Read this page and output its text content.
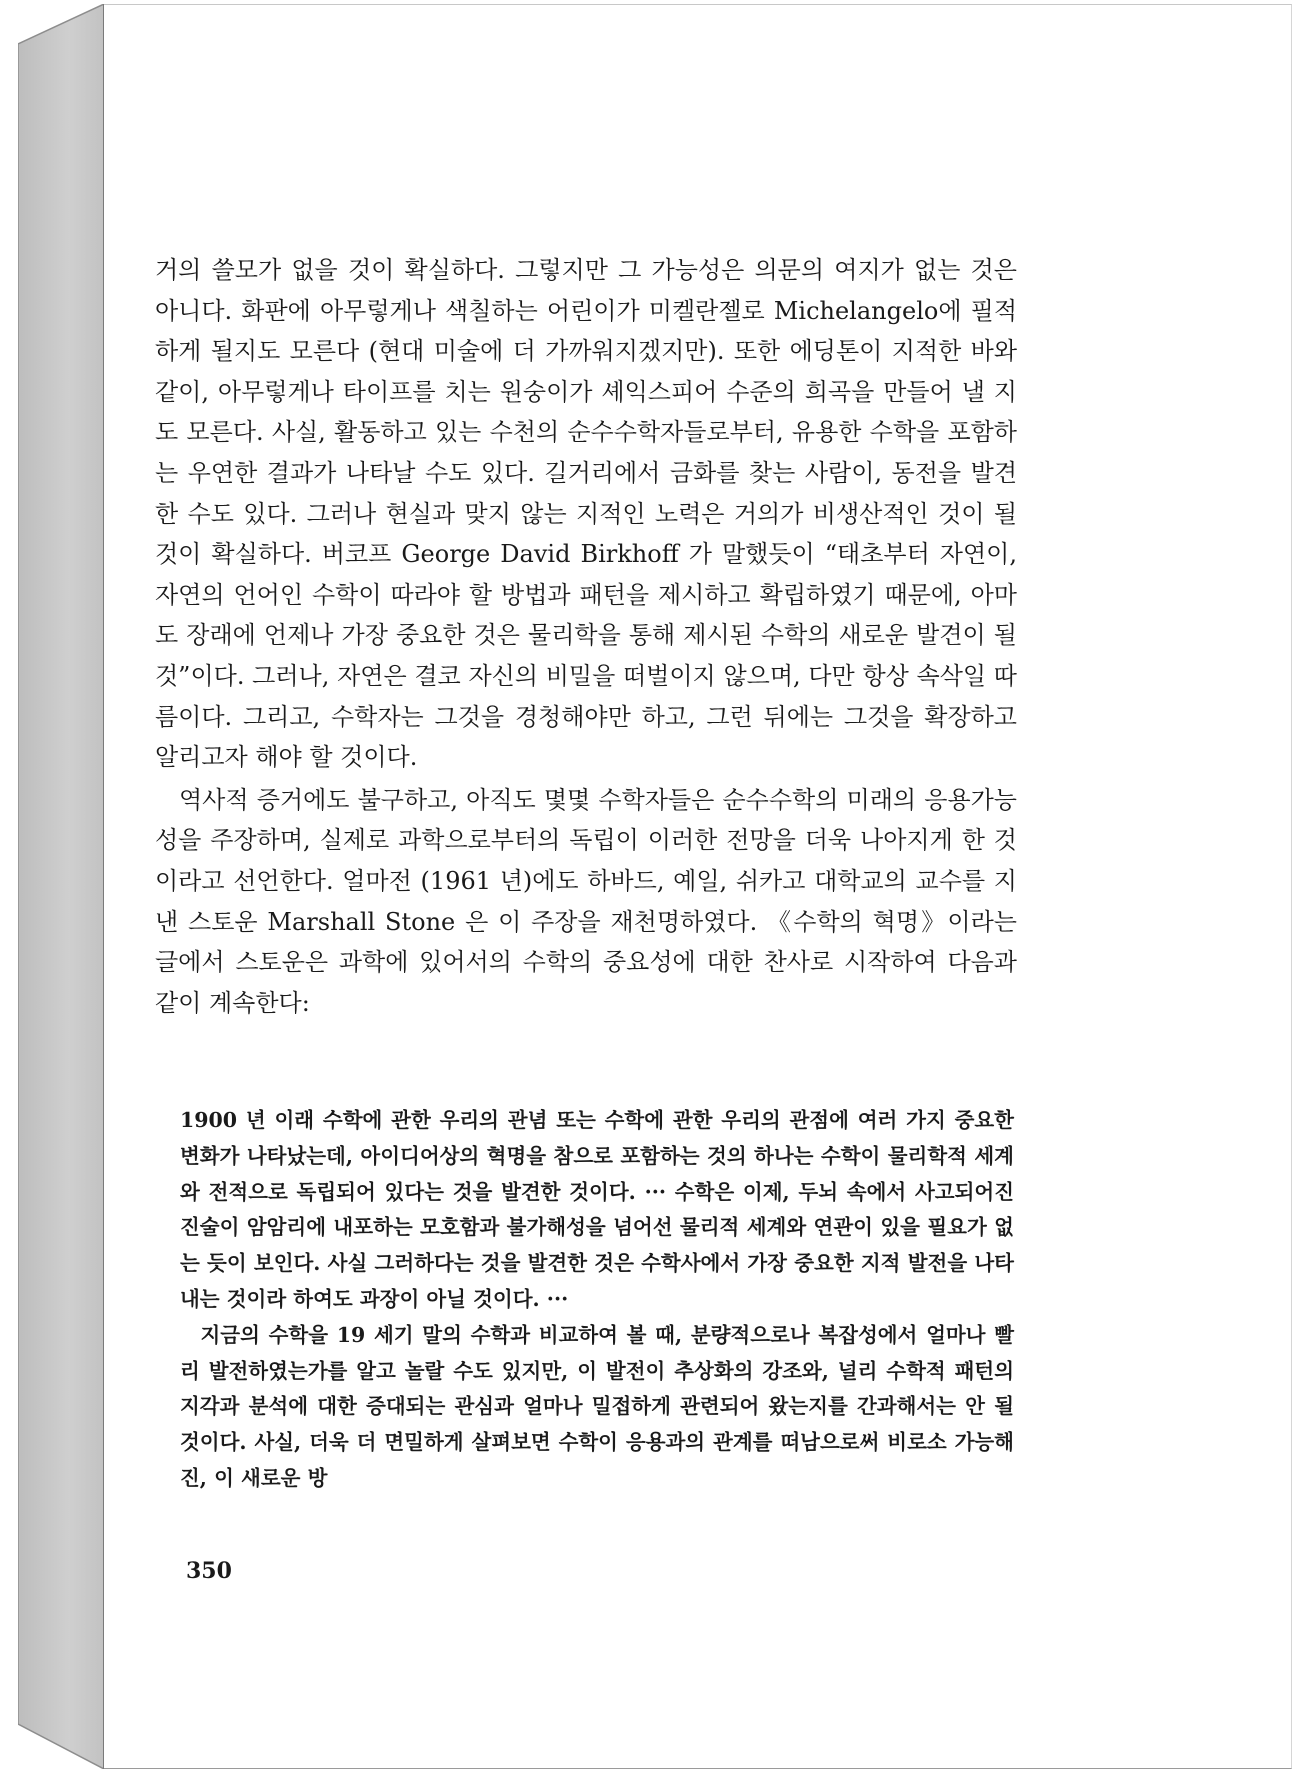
거의 쓸모가 없을 것이 확실하다. 그렇지만 그 가능성은 의문의 여지가 없는 것은 아니다. 화판에 아무렇게나 색칠하는 어린이가 미켈란젤로 Michelangelo에 필적하게 될지도 모른다 (현대 미술에 더 가까워지겠지만). 또한 에딩톤이 지적한 바와 같이, 아무렇게나 타이프를 치는 원숭이가 셰익스피어 수준의 희곡을 만들어 낼 지도 모른다. 사실, 활동하고 있는 수천의 순수수학자들로부터, 유용한 수학을 포함하는 우연한 결과가 나타날 수도 있다. 길거리에서 금화를 찾는 사람이, 동전을 발견한 수도 있다. 그러나 현실과 맞지 않는 지적인 노력은 거의가 비생산적인 것이 될 것이 확실하다. 버코프 George David Birkhoff 가 말했듯이 “태초부터 자연이, 자연의 언어인 수학이 따라야 할 방법과 패턴을 제시하고 확립하였기 때문에, 아마도 장래에 언제나 가장 중요한 것은 물리학을 통해 제시된 수학의 새로운 발견이 될 것”이다. 그러나, 자연은 결코 자신의 비밀을 떠벌이지 않으며, 다만 항상 속삭일 따름이다. 그리고, 수학자는 그것을 경청해야만 하고, 그런 뒤에는 그것을 확장하고 알리고자 해야 할 것이다.

역사적 증거에도 불구하고, 아직도 몇몇 수학자들은 순수수학의 미래의 응용가능성을 주장하며, 실제로 과학으로부터의 독립이 이러한 전망을 더욱 나아지게 한 것이라고 선언한다. 얼마전 (1961 년)에도 하바드, 예일, 쉬카고 대학교의 교수를 지낸 스토운 Marshall Stone 은 이 주장을 재천명하였다. 《수학의 혁명》이라는 글에서 스토운은 과학에 있어서의 수학의 중요성에 대한 찬사로 시작하여 다음과 같이 계속한다:

1900 년 이래 수학에 관한 우리의 관념 또는 수학에 관한 우리의 관점에 여러 가지 중요한 변화가 나타났는데, 아이디어상의 혁명을 참으로 포함하는 것의 하나는 수학이 물리학적 세계와 전적으로 독립되어 있다는 것을 발견한 것이다. ··· 수학은 이제, 두뇌 속에서 사고되어진 진술이 암암리에 내포하는 모호함과 불가해성을 넘어선 물리적 세계와 연관이 있을 필요가 없는 듯이 보인다. 사실 그러하다는 것을 발견한 것은 수학사에서 가장 중요한 지적 발전을 나타내는 것이라 하여도 과장이 아닐 것이다. ···

지금의 수학을 19 세기 말의 수학과 비교하여 볼 때, 분량적으로나 복잡성에서 얼마나 빨리 발전하였는가를 알고 놀랄 수도 있지만, 이 발전이 추상화의 강조와, 널리 수학적 패턴의 지각과 분석에 대한 증대되는 관심과 얼마나 밀접하게 관련되어 왔는지를 간과해서는 안 될 것이다. 사실, 더욱 더 면밀하게 살펴보면 수학이 응용과의 관계를 떠남으로써 비로소 가능해진, 이 새로운 방

350
